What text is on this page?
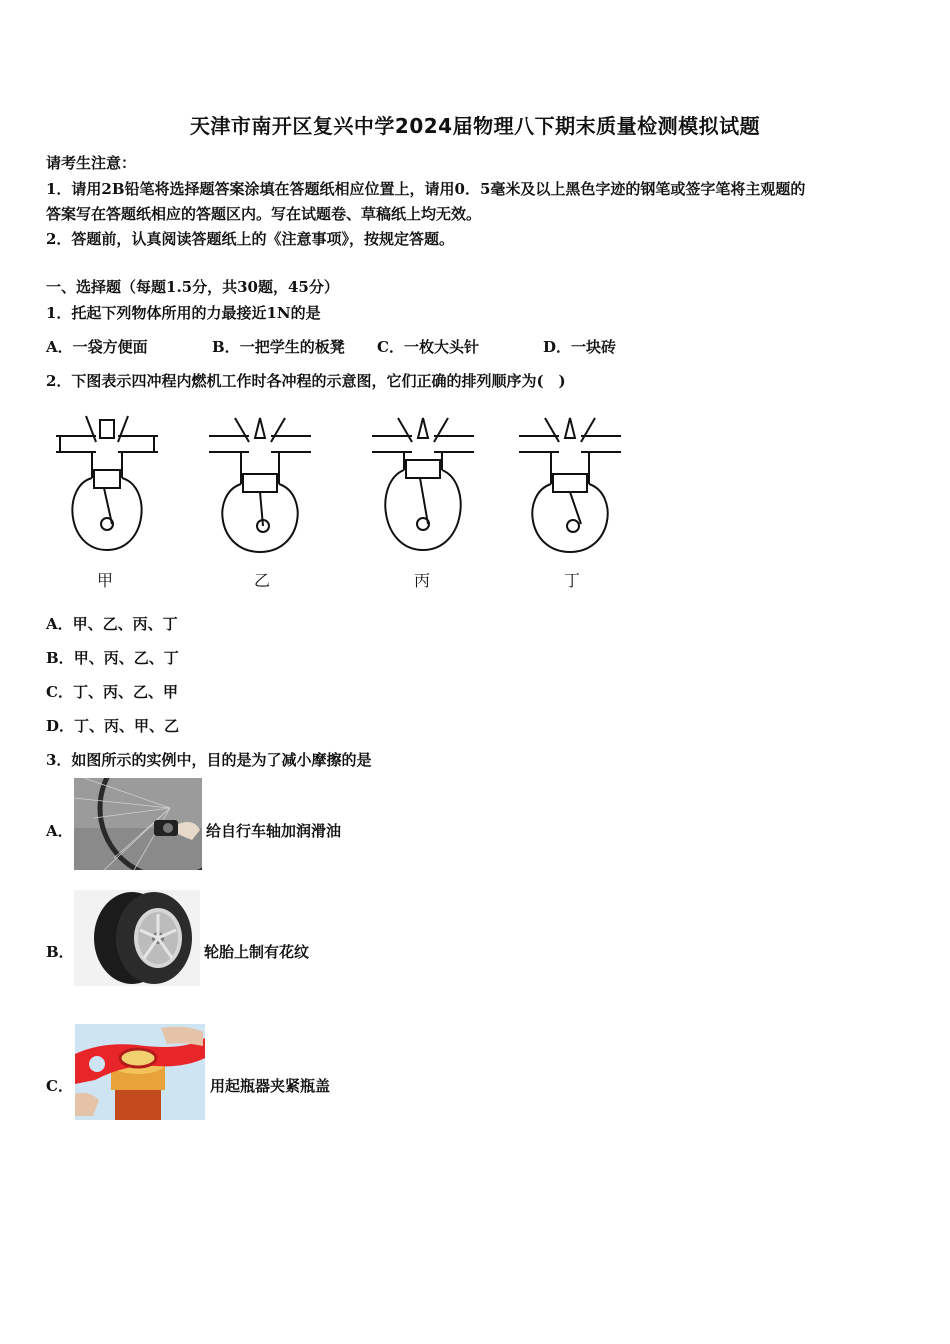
天津市南开区复兴中学2024届物理八下期末质量检测模拟试题
请考生注意：
1．请用2B铅笔将选择题答案涂填在答题纸相应位置上，请用0．5毫米及以上黑色字迹的钢笔或签字笔将主观题的
答案写在答题纸相应的答题区内。写在试题卷、草稿纸上均无效。
2．答题前，认真阅读答题纸上的《注意事项》，按规定答题。
一、选择题（每题1.5分，共30题，45分）
1．托起下列物体所用的力最接近1N的是
A．一袋方便面	B．一把学生的板凳 C．一枚大头针	D．一块砖
2．下图表示四冲程内燃机工作时各冲程的示意图，它们正确的排列顺序为(　)
甲	乙	丙	丁
A．甲、乙、丙、丁
B．甲、丙、乙、丁
C．丁、丙、乙、甲
D．丁、丙、甲、乙
3．如图所示的实例中，目的是为了减小摩擦的是
A．	给自行车轴加润滑油
B．	轮胎上制有花纹
C．	用起瓶器夹紧瓶盖
